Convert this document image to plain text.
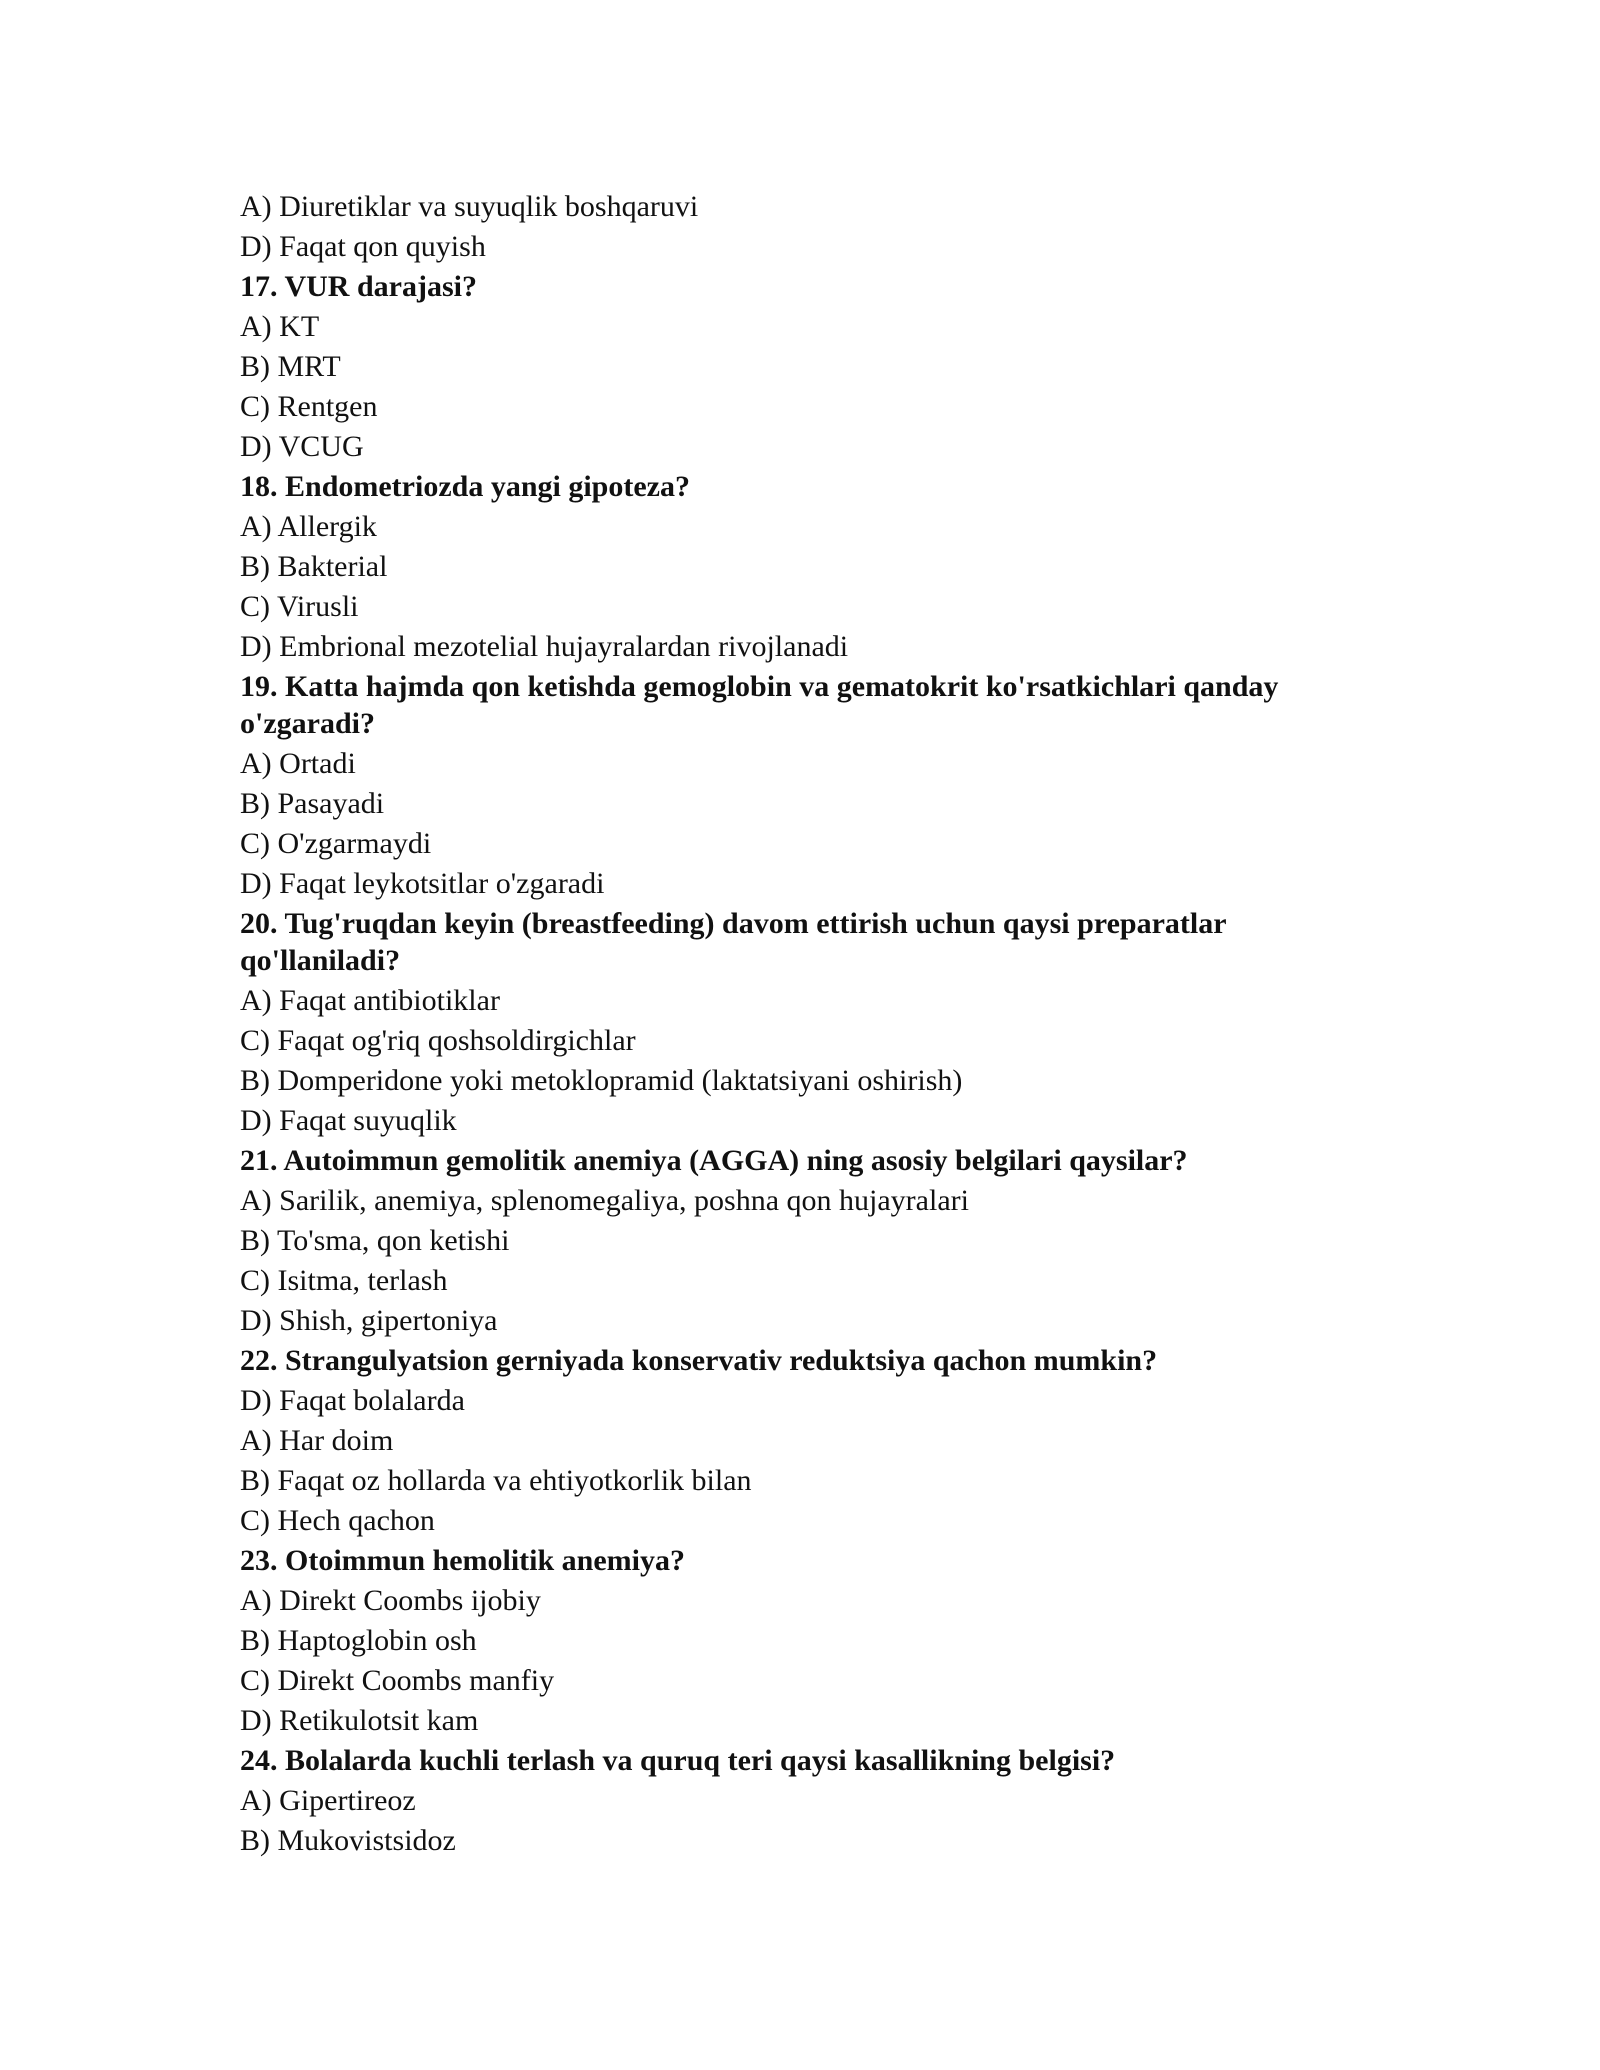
A) Diuretiklar va suyuqlik boshqaruvi
D) Faqat qon quyish
17. VUR darajasi?
A) KT
B) MRT
C) Rentgen
D) VCUG
18. Endometriozda yangi gipoteza?
A) Allergik
B) Bakterial
C) Virusli
D) Embrional mezotelial hujayralardan rivojlanadi
19. Katta hajmda qon ketishda gemoglobin va gematokrit ko'rsatkichlari qanday o'zgaradi?
A) Ortadi
B) Pasayadi
C) O'zgarmaydi
D) Faqat leykotsitlar o'zgaradi
20. Tug'ruqdan keyin (breastfeeding) davom ettirish uchun qaysi preparatlar qo'llaniladi?
A) Faqat antibiotiklar
C) Faqat og'riq qoshsoldirgichlar
B) Domperidone yoki metoklopramid (laktatsiyani oshirish)
D) Faqat suyuqlik
21. Autoimmun gemolitik anemiya (AGGA) ning asosiy belgilari qaysilar?
A) Sarilik, anemiya, splenomegaliya, poshna qon hujayralari
B) To'sma, qon ketishi
C) Isitma, terlash
D) Shish, gipertoniya
22. Strangulyatsion gerniyada konservativ reduktsiya qachon mumkin?
D) Faqat bolalarda
A) Har doim
B) Faqat oz hollarda va ehtiyotkorlik bilan
C) Hech qachon
23. Otoimmun hemolitik anemiya?
A) Direkt Coombs ijobiy
B) Haptoglobin osh
C) Direkt Coombs manfiy
D) Retikulotsit kam
24. Bolalarda kuchli terlash va quruq teri qaysi kasallikning belgisi?
A) Gipertireoz
B) Mukovistsidoz
